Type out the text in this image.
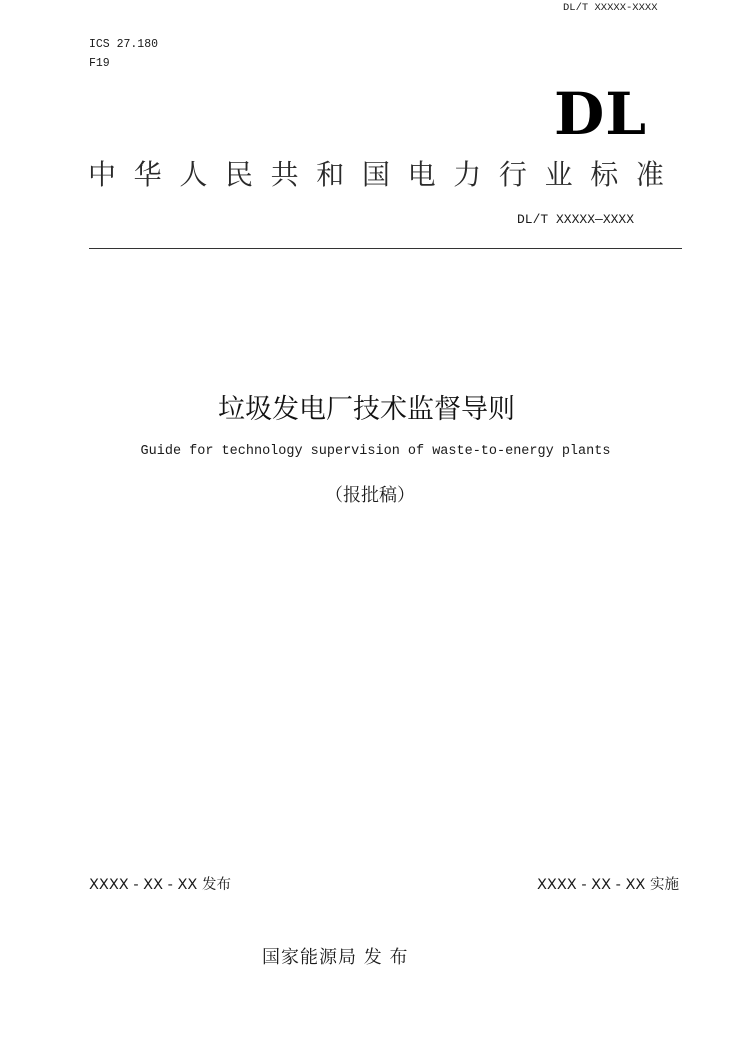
DL/T XXXXX-XXXX
ICS 27.180
F19
DL
中 华 人 民 共 和 国 电 力 行 业 标 准
DL/T XXXXX—XXXX
垃圾发电厂技术监督导则
Guide for technology supervision of waste-to-energy plants
（报批稿）
XXXX - XX - XX 发布	XXXX - XX - XX 实施
国家能源局 发 布
